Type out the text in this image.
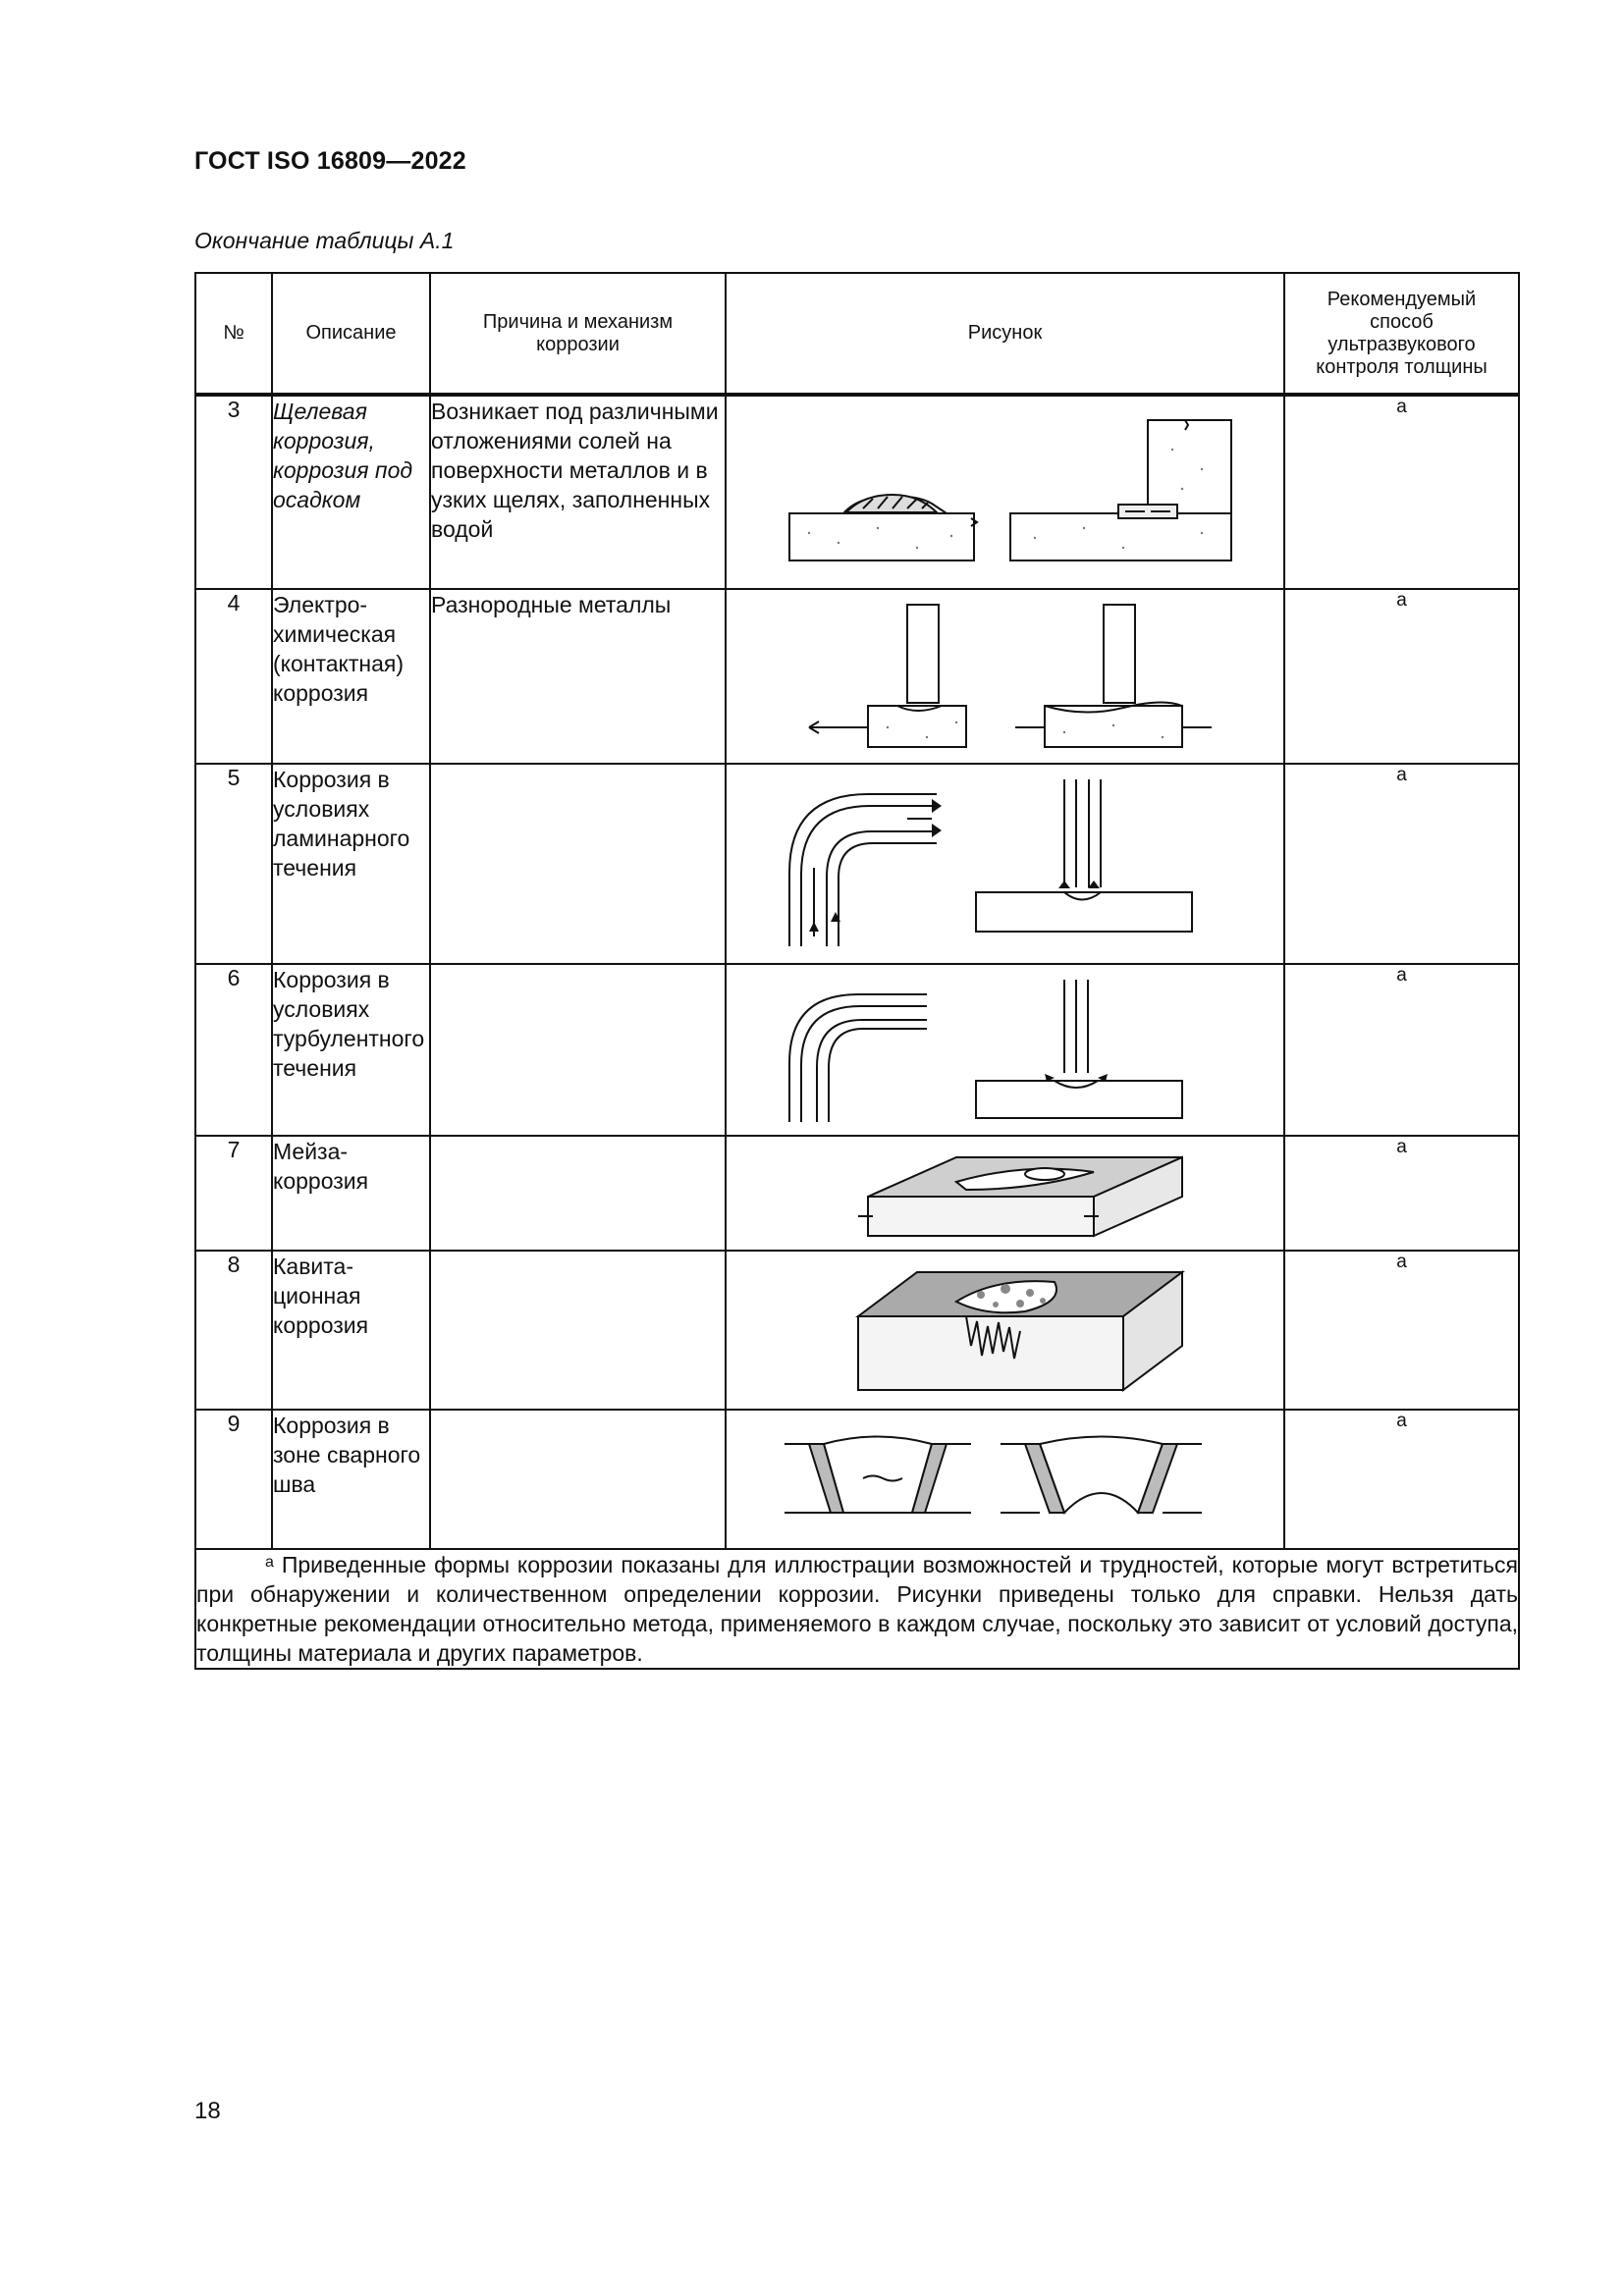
ГОСТ ISO 16809—2022
Окончание таблицы А.1
№	Описание	Причина и механизм коррозии	Рисунок	Рекомендуемый способ ультразвукового контроля толщины
3	Щелевая коррозия, коррозия под осадком	Возникает под различными отложениями солей на поверхности металлов и в узких щелях, заполненных водой		a
4	Электрохимическая (контактная) коррозия	Разнородные металлы		a
5	Коррозия в условиях ламинарного течения			a
6	Коррозия в условиях турбулентного течения			a
7	Мейза-коррозия			a
8	Кавитационная коррозия			a
9	Коррозия в зоне сварного шва			a
$^a$ Приведенные формы коррозии показаны для иллюстрации возможностей и трудностей, которые могут встретиться при обнаружении и количественном определении коррозии. Рисунки приведены только для справки. Нельзя дать конкретные рекомендации относительно метода, применяемого в каждом случае, поскольку это зависит от условий доступа, толщины материала и других параметров.				
18
